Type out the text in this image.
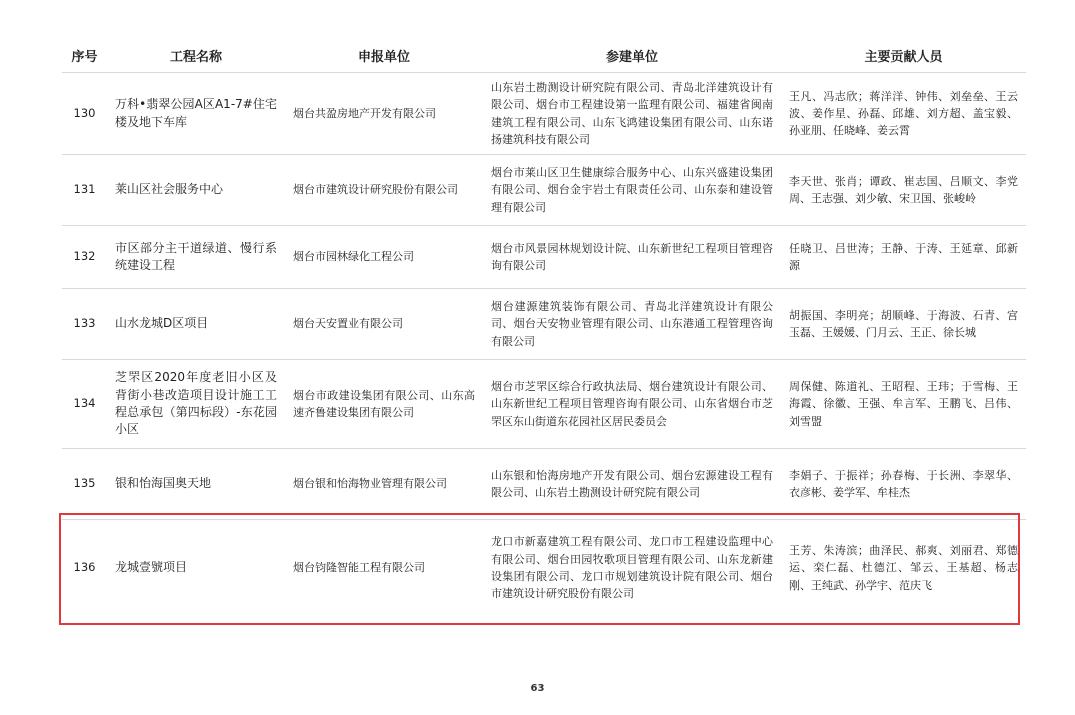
序号	工程名称	申报单位	参建单位	主要贡献人员
130	万科•翡翠公园A区A1-7#住宅楼及地下车库	烟台共盈房地产开发有限公司	山东岩土勘测设计研究院有限公司、青岛北洋建筑设计有限公司、烟台市工程建设第一监理有限公司、福建省闽南建筑工程有限公司、山东飞鸿建设集团有限公司、山东诺扬建筑科技有限公司	王凡、冯志欣；蒋洋洋、钟伟、刘垒垒、王云波、姜作星、孙磊、邱雄、刘方超、盖宝毅、孙亚朋、任晓峰、姜云霄
131	莱山区社会服务中心	烟台市建筑设计研究股份有限公司	烟台市莱山区卫生健康综合服务中心、山东兴盛建设集团有限公司、烟台金宇岩土有限责任公司、山东泰和建设管理有限公司	李天世、张肖；谭政、崔志国、吕顺文、李党周、王志强、刘少敏、宋卫国、张峻岭
132	市区部分主干道绿道、慢行系统建设工程	烟台市园林绿化工程公司	烟台市风景园林规划设计院、山东新世纪工程项目管理咨询有限公司	任晓卫、吕世涛；王静、于涛、王延章、邱新源
133	山水龙城D区项目	烟台天安置业有限公司	烟台建源建筑装饰有限公司、青岛北洋建筑设计有限公司、烟台天安物业管理有限公司、山东港通工程管理咨询有限公司	胡振国、李明亮；胡顺峰、于海波、石青、宫玉磊、王媛媛、门月云、王正、徐长城
134	芝罘区2020年度老旧小区及背街小巷改造项目设计施工工程总承包（第四标段）-东花园小区	烟台市政建设集团有限公司、山东高速齐鲁建设集团有限公司	烟台市芝罘区综合行政执法局、烟台建筑设计有限公司、山东新世纪工程项目管理咨询有限公司、山东省烟台市芝罘区东山街道东花园社区居民委员会	周保健、陈道礼、王昭程、王玮；于雪梅、王海霞、徐徽、王强、牟言军、王鹏飞、吕伟、刘雪盟
135	银和怡海国奥天地	烟台银和怡海物业管理有限公司	山东银和怡海房地产开发有限公司、烟台宏源建设工程有限公司、山东岩土勘测设计研究院有限公司	李娟子、于振祥；孙春梅、于长洲、李翠华、衣彦彬、姜学军、牟桂杰
136	龙城壹號项目	烟台钧隆智能工程有限公司	龙口市新嘉建筑工程有限公司、龙口市工程建设监理中心有限公司、烟台田园牧歌项目管理有限公司、山东龙新建设集团有限公司、龙口市规划建筑设计院有限公司、烟台市建筑设计研究股份有限公司	王芳、朱涛滨；曲泽民、郝爽、刘丽君、郑德运、栾仁磊、杜德江、邹云、王基超、杨志刚、王纯武、孙学宇、范庆飞
63
